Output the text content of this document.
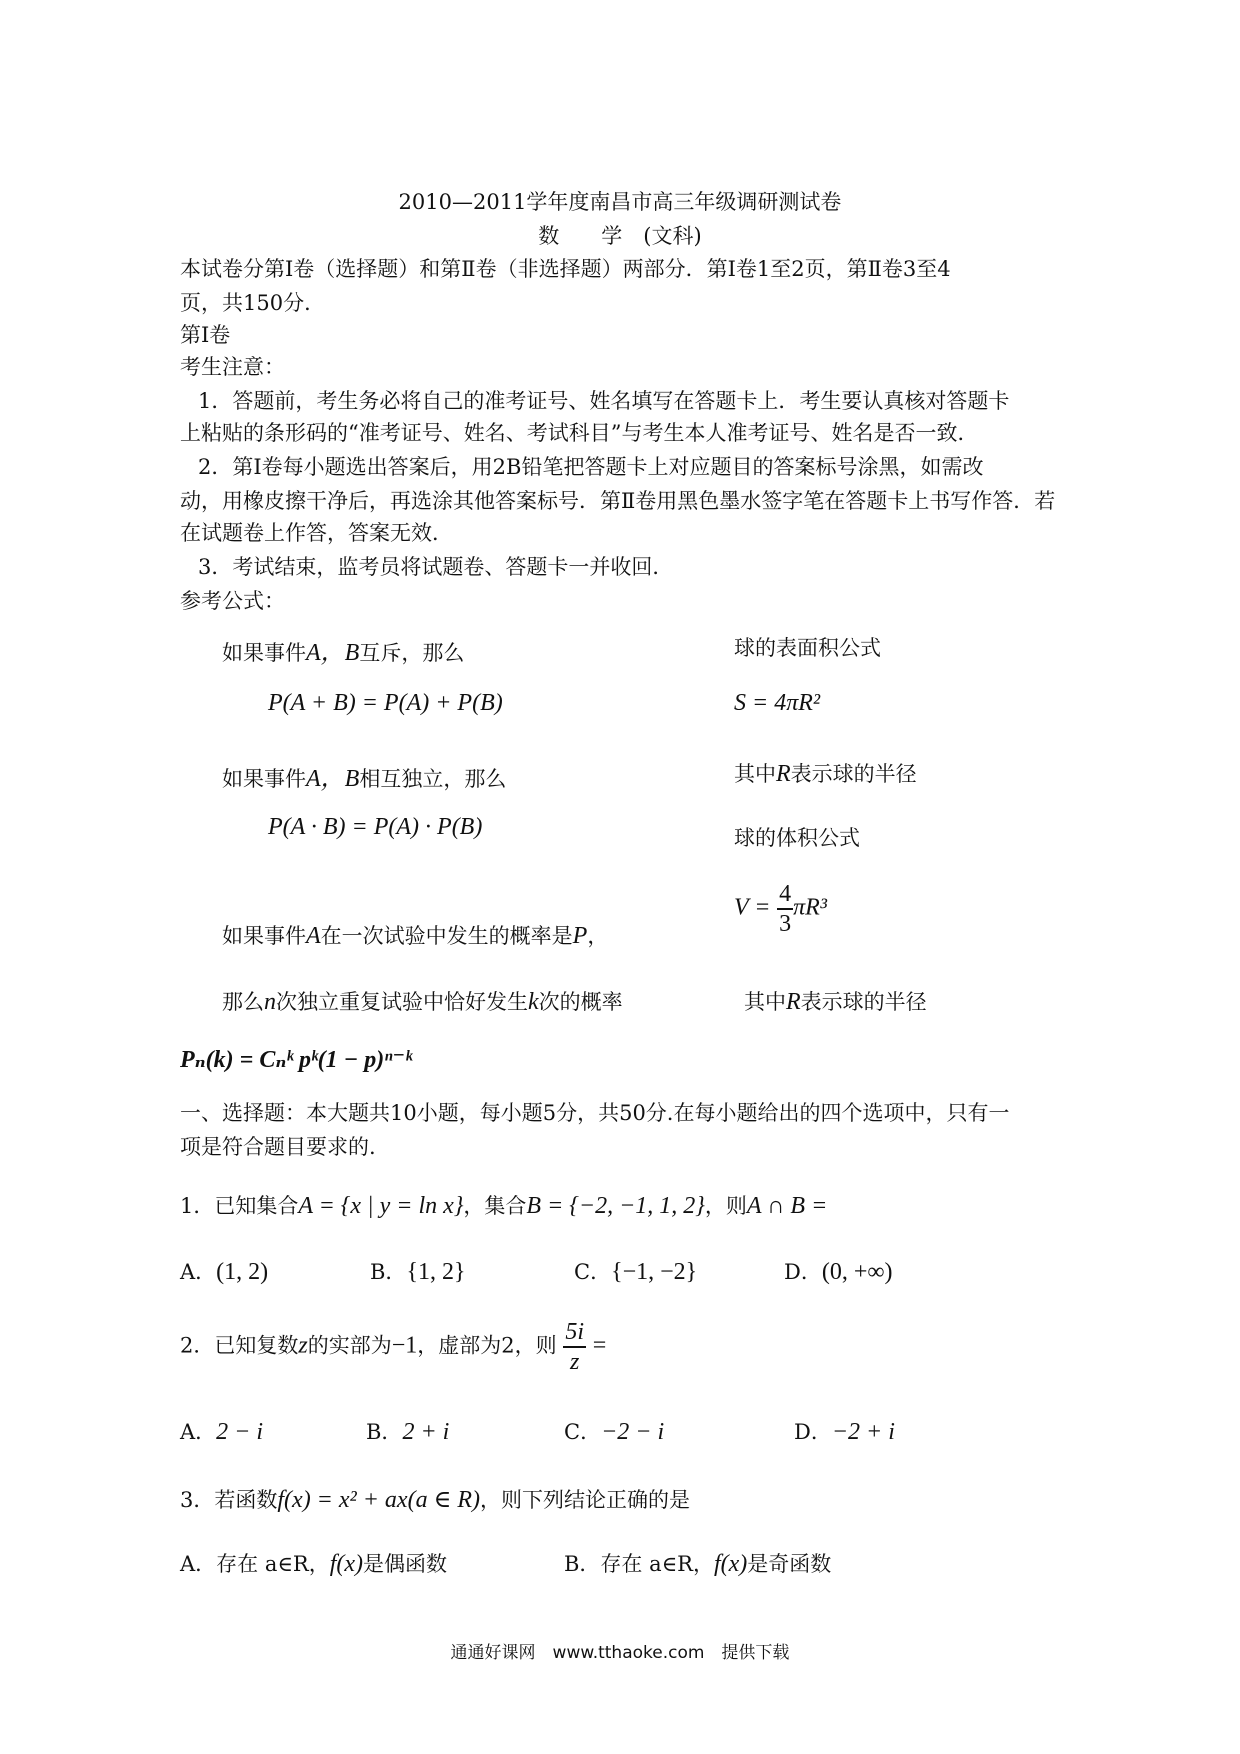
2010—2011学年度南昌市高三年级调研测试卷
数　　学　(文科)
本试卷分第Ⅰ卷（选择题）和第Ⅱ卷（非选择题）两部分．第Ⅰ卷1至2页，第Ⅱ卷3至4
页，共150分．
第Ⅰ卷
考生注意：
1．答题前，考生务必将自己的准考证号、姓名填写在答题卡上．考生要认真核对答题卡
上粘贴的条形码的“准考证号、姓名、考试科目”与考生本人准考证号、姓名是否一致．
2．第Ⅰ卷每小题选出答案后，用2B铅笔把答题卡上对应题目的答案标号涂黑，如需改
动，用橡皮擦干净后，再选涂其他答案标号．第Ⅱ卷用黑色墨水签字笔在答题卡上书写作答．若
在试题卷上作答，答案无效．
3．考试结束，监考员将试题卷、答题卡一并收回．
参考公式：
如果事件A，B互斥，那么
P(A + B) = P(A) + P(B)
如果事件A，B相互独立，那么
P(A · B) = P(A) · P(B)
如果事件A在一次试验中发生的概率是P，
那么n次独立重复试验中恰好发生k次的概率
Pₙ(k) = Cₙᵏ pᵏ(1 − p)ⁿ⁻ᵏ
球的表面积公式
S = 4πR²
其中R表示球的半径
球的体积公式
$V = \frac{4}{3} \pi R^3$
其中R表示球的半径
一、选择题：本大题共10小题，每小题5分，共50分.在每小题给出的四个选项中，只有一
项是符合题目要求的.
1．已知集合A = {x | y = ln x}，集合B = {−2, −1, 1, 2}，则A ∩ B =
A．(1, 2)	B．{1, 2}	C．{−1, −2}	D．(0, +∞)
2．已知复数z的实部为−1，虚部为2，则 $\frac{5i}{z}$ =
A．2 − i	B．2 + i	C．−2 − i	D．−2 + i
3．若函数f(x) = x² + ax(a ∈ R)，则下列结论正确的是
A．存在 a∈R，f(x)是偶函数	B．存在 a∈R，f(x)是奇函数
通通好课网　www.tthaoke.com　提供下载
